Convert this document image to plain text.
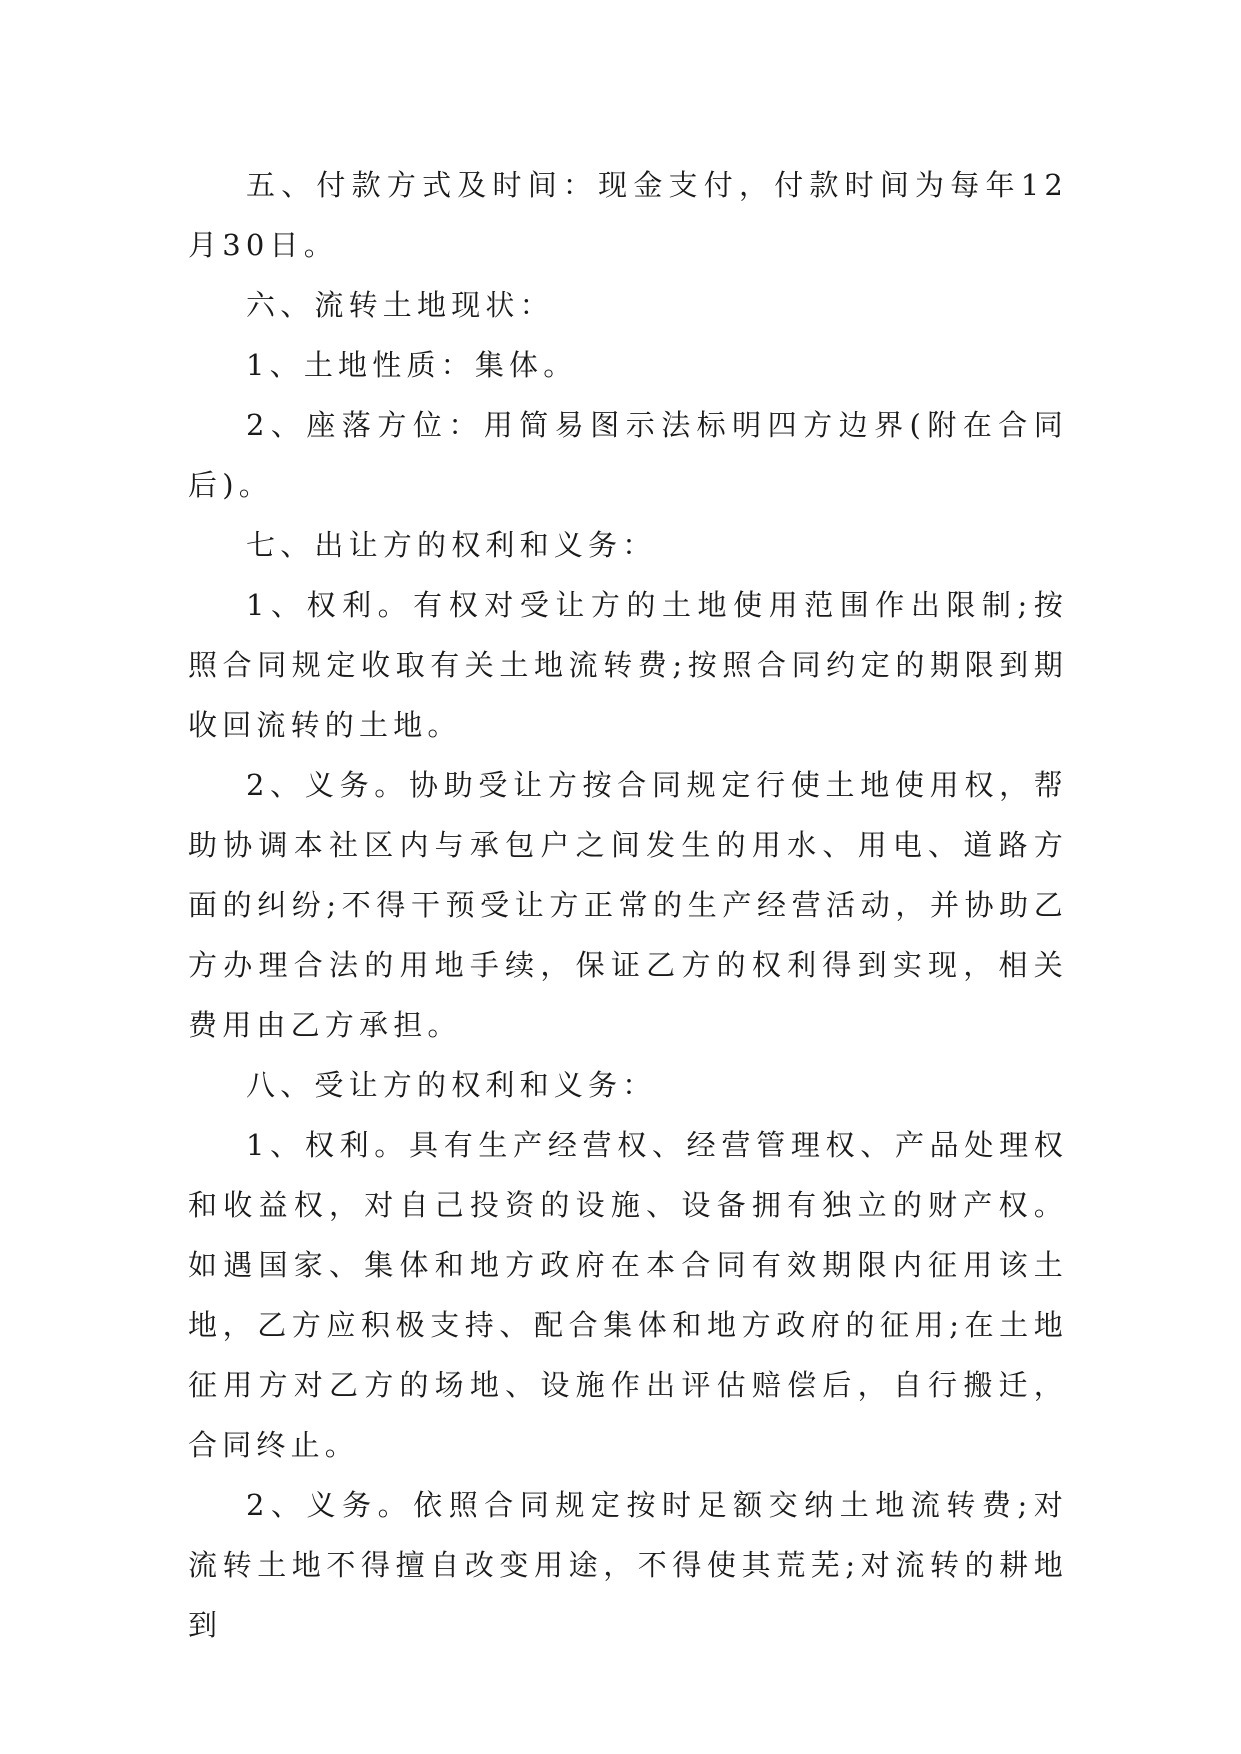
五、付款方式及时间：现金支付，付款时间为每年12月30日。

六、流转土地现状：

1、土地性质：集体。

2、座落方位：用简易图示法标明四方边界(附在合同后)。

七、出让方的权利和义务：

1、权利。有权对受让方的土地使用范围作出限制;按照合同规定收取有关土地流转费;按照合同约定的期限到期收回流转的土地。

2、义务。协助受让方按合同规定行使土地使用权，帮助协调本社区内与承包户之间发生的用水、用电、道路方面的纠纷;不得干预受让方正常的生产经营活动，并协助乙方办理合法的用地手续，保证乙方的权利得到实现，相关费用由乙方承担。

八、受让方的权利和义务：

1、权利。具有生产经营权、经营管理权、产品处理权和收益权，对自己投资的设施、设备拥有独立的财产权。如遇国家、集体和地方政府在本合同有效期限内征用该土地，乙方应积极支持、配合集体和地方政府的征用;在土地征用方对乙方的场地、设施作出评估赔偿后，自行搬迁，合同终止。

2、义务。依照合同规定按时足额交纳土地流转费;对流转土地不得擅自改变用途，不得使其荒芜;对流转的耕地到
